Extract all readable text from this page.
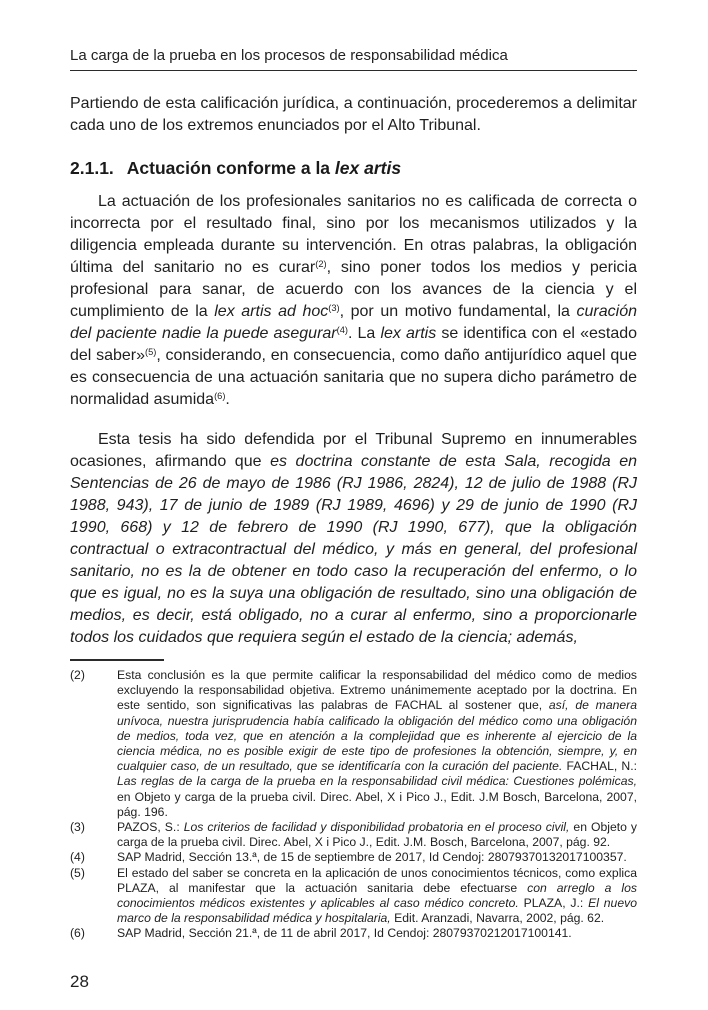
La carga de la prueba en los procesos de responsabilidad médica

Partiendo de esta calificación jurídica, a continuación, procederemos a delimitar cada uno de los extremos enunciados por el Alto Tribunal.

2.1.1. Actuación conforme a la lex artis

La actuación de los profesionales sanitarios no es calificada de correcta o incorrecta por el resultado final, sino por los mecanismos utilizados y la diligencia empleada durante su intervención. En otras palabras, la obligación última del sanitario no es curar$^{(2)}$, sino poner todos los medios y pericia profesional para sanar, de acuerdo con los avances de la ciencia y el cumplimiento de la lex artis ad hoc$^{(3)}$, por un motivo fundamental, la curación del paciente nadie la puede asegurar$^{(4)}$. La lex artis se identifica con el «estado del saber»$^{(5)}$, considerando, en consecuencia, como daño antijurídico aquel que es consecuencia de una actuación sanitaria que no supera dicho parámetro de normalidad asumida$^{(6)}$.

Esta tesis ha sido defendida por el Tribunal Supremo en innumerables ocasiones, afirmando que es doctrina constante de esta Sala, recogida en Sentencias de 26 de mayo de 1986 (RJ 1986, 2824), 12 de julio de 1988 (RJ 1988, 943), 17 de junio de 1989 (RJ 1989, 4696) y 29 de junio de 1990 (RJ 1990, 668) y 12 de febrero de 1990 (RJ 1990, 677), que la obligación contractual o extracontractual del médico, y más en general, del profesional sanitario, no es la de obtener en todo caso la recuperación del enfermo, o lo que es igual, no es la suya una obligación de resultado, sino una obligación de medios, es decir, está obligado, no a curar al enfermo, sino a proporcionarle todos los cuidados que requiera según el estado de la ciencia; además,

(2)	Esta conclusión es la que permite calificar la responsabilidad del médico como de medios excluyendo la responsabilidad objetiva. Extremo unánimemente aceptado por la doctrina. En este sentido, son significativas las palabras de FACHAL al sostener que, así, de manera unívoca, nuestra jurisprudencia había calificado la obligación del médico como una obligación de medios, toda vez, que en atención a la complejidad que es inherente al ejercicio de la ciencia médica, no es posible exigir de este tipo de profesiones la obtención, siempre, y, en cualquier caso, de un resultado, que se identificaría con la curación del paciente. FACHAL, N.: Las reglas de la carga de la prueba en la responsabilidad civil médica: Cuestiones polémicas, en Objeto y carga de la prueba civil. Direc. Abel, X i Pico J., Edit. J.M Bosch, Barcelona, 2007, pág. 196.
(3)	PAZOS, S.: Los criterios de facilidad y disponibilidad probatoria en el proceso civil, en Objeto y carga de la prueba civil. Direc. Abel, X i Pico J., Edit. J.M. Bosch, Barcelona, 2007, pág. 92.
(4)	SAP Madrid, Sección 13.ª, de 15 de septiembre de 2017, Id Cendoj: 28079370132017100357.
(5)	El estado del saber se concreta en la aplicación de unos conocimientos técnicos, como explica PLAZA, al manifestar que la actuación sanitaria debe efectuarse con arreglo a los conocimientos médicos existentes y aplicables al caso médico concreto. PLAZA, J.: El nuevo marco de la responsabilidad médica y hospitalaria, Edit. Aranzadi, Navarra, 2002, pág. 62.
(6)	SAP Madrid, Sección 21.ª, de 11 de abril 2017, Id Cendoj: 28079370212017100141.
28
